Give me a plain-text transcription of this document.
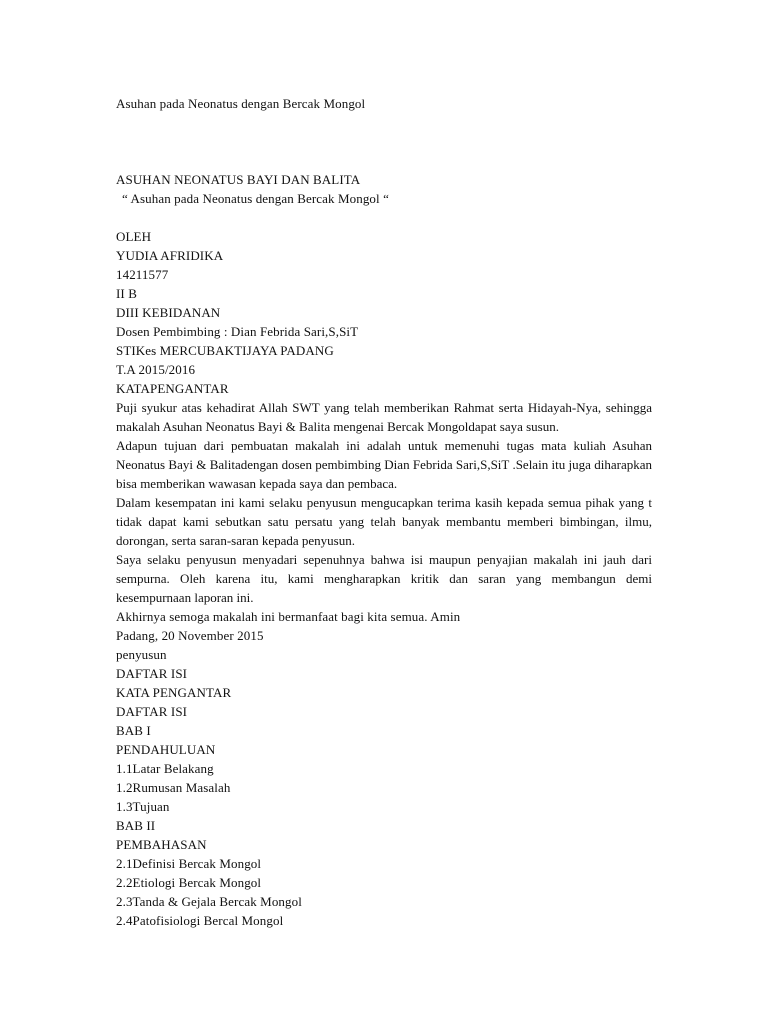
Asuhan pada Neonatus dengan Bercak Mongol
ASUHAN NEONATUS BAYI DAN BALITA
“ Asuhan pada Neonatus dengan Bercak Mongol “
OLEH
YUDIA AFRIDIKA
14211577
II B
DIII KEBIDANAN
Dosen Pembimbing : Dian Febrida Sari,S,SiT
STIKes MERCUBAKTIJAYA PADANG
T.A 2015/2016
KATAPENGANTAR
Puji syukur atas kehadirat Allah SWT yang telah memberikan Rahmat serta Hidayah-Nya, sehingga makalah Asuhan Neonatus Bayi & Balita mengenai Bercak Mongoldapat saya susun.
Adapun tujuan dari pembuatan makalah ini adalah untuk memenuhi tugas mata kuliah Asuhan Neonatus Bayi & Balitadengan dosen pembimbing Dian Febrida Sari,S,SiT .Selain itu juga diharapkan bisa memberikan wawasan kepada saya dan pembaca.
Dalam kesempatan ini kami selaku penyusun mengucapkan terima kasih kepada semua pihak yang t tidak dapat kami sebutkan satu persatu yang telah banyak membantu memberi bimbingan, ilmu, dorongan, serta saran-saran kepada penyusun.
Saya selaku penyusun menyadari sepenuhnya bahwa isi maupun penyajian makalah ini jauh dari sempurna. Oleh karena itu, kami mengharapkan kritik dan saran yang membangun demi kesempurnaan laporan ini.
Akhirnya semoga makalah ini bermanfaat bagi kita semua. Amin
Padang, 20 November 2015
penyusun
DAFTAR ISI
KATA PENGANTAR
DAFTAR ISI
BAB I
PENDAHULUAN
1.1Latar Belakang
1.2Rumusan Masalah
1.3Tujuan
BAB II
PEMBAHASAN
2.1Definisi Bercak Mongol
2.2Etiologi Bercak Mongol
2.3Tanda & Gejala Bercak Mongol
2.4Patofisiologi Bercal Mongol
